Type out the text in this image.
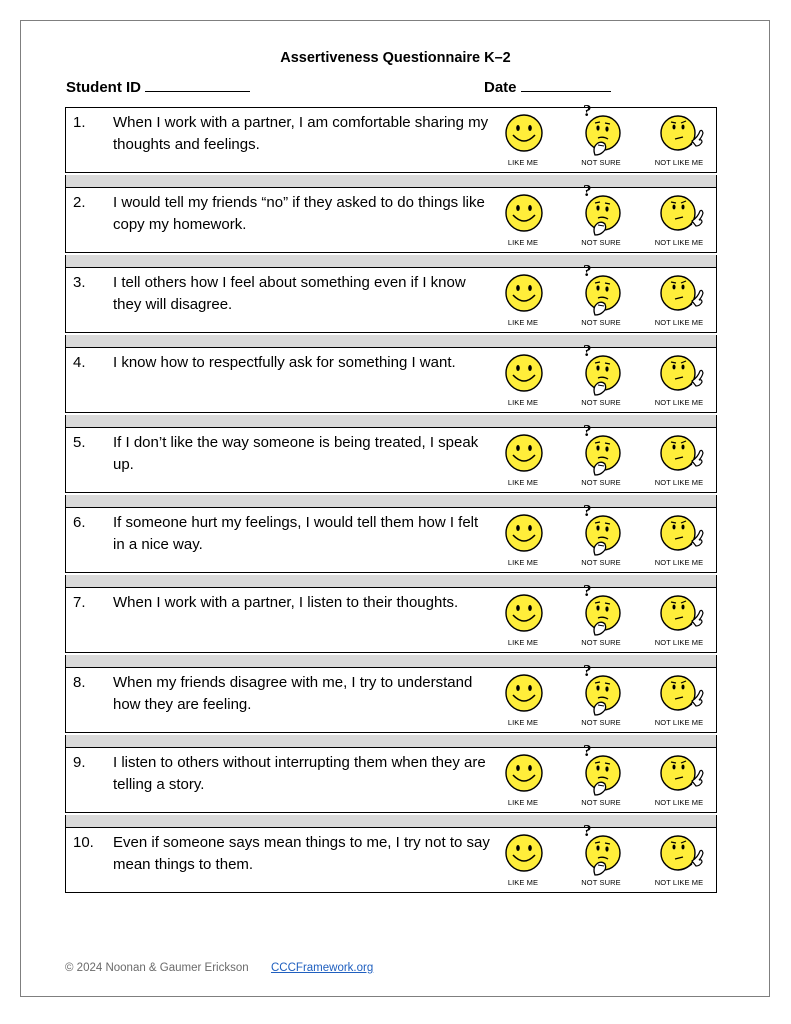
Assertiveness Questionnaire K–2
Student ID	Date
1. When I work with a partner, I am comfortable sharing my thoughts and feelings.
LIKE ME
?
NOT SURE	NOT LIKE ME
2. I would tell my friends “no” if they asked to do things like copy my homework.
LIKE ME
?
NOT SURE	NOT LIKE ME
3. I tell others how I feel about something even if I know they will disagree.
LIKE ME
?
NOT SURE	NOT LIKE ME
4. I know how to respectfully ask for something I want.
LIKE ME
?
NOT SURE	NOT LIKE ME
5. If I don’t like the way someone is being treated, I speak up.
LIKE ME
?
NOT SURE	NOT LIKE ME
6. If someone hurt my feelings, I would tell them how I felt in a nice way.
LIKE ME
?
NOT SURE	NOT LIKE ME
7. When I work with a partner, I listen to their thoughts.
LIKE ME
?
NOT SURE	NOT LIKE ME
8. When my friends disagree with me, I try to understand how they are feeling.
LIKE ME
?
NOT SURE	NOT LIKE ME
9. I listen to others without interrupting them when they are telling a story.
LIKE ME
?
NOT SURE	NOT LIKE ME
10. Even if someone says mean things to me, I try not to say mean things to them.
LIKE ME
?
NOT SURE	NOT LIKE ME
© 2024 Noonan & Gaumer Erickson CCCFramework.org
